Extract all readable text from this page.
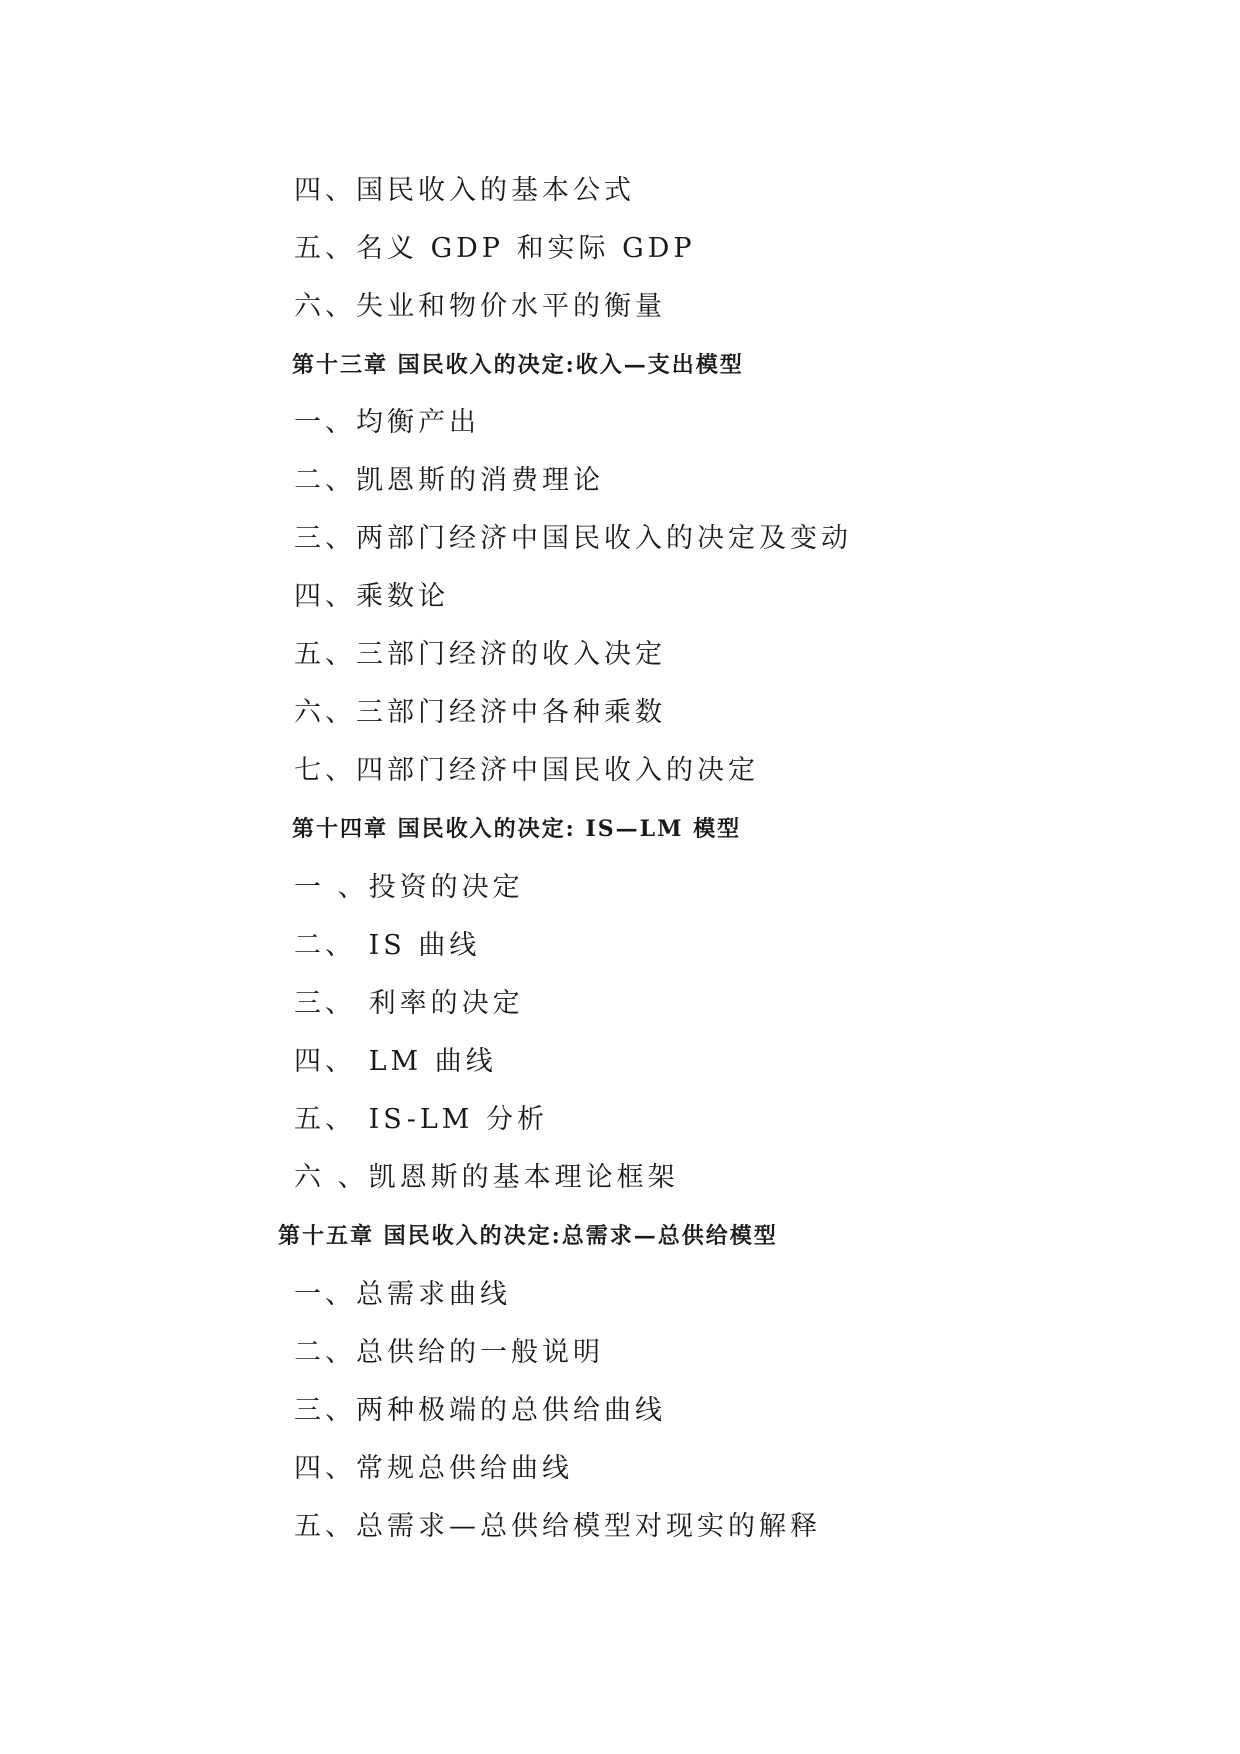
四、国民收入的基本公式
五、名义 GDP 和实际 GDP
六、失业和物价水平的衡量
第十三章 国民收入的决定:收入—支出模型
一、均衡产出
二、凯恩斯的消费理论
三、两部门经济中国民收入的决定及变动
四、乘数论
五、三部门经济的收入决定
六、三部门经济中各种乘数
七、四部门经济中国民收入的决定
第十四章 国民收入的决定: IS—LM 模型
一 、投资的决定
二、 IS 曲线
三、 利率的决定
四、 LM 曲线
五、 IS-LM 分析
六 、凯恩斯的基本理论框架
第十五章 国民收入的决定:总需求—总供给模型
一、总需求曲线
二、总供给的一般说明
三、两种极端的总供给曲线
四、常规总供给曲线
五、总需求—总供给模型对现实的解释
